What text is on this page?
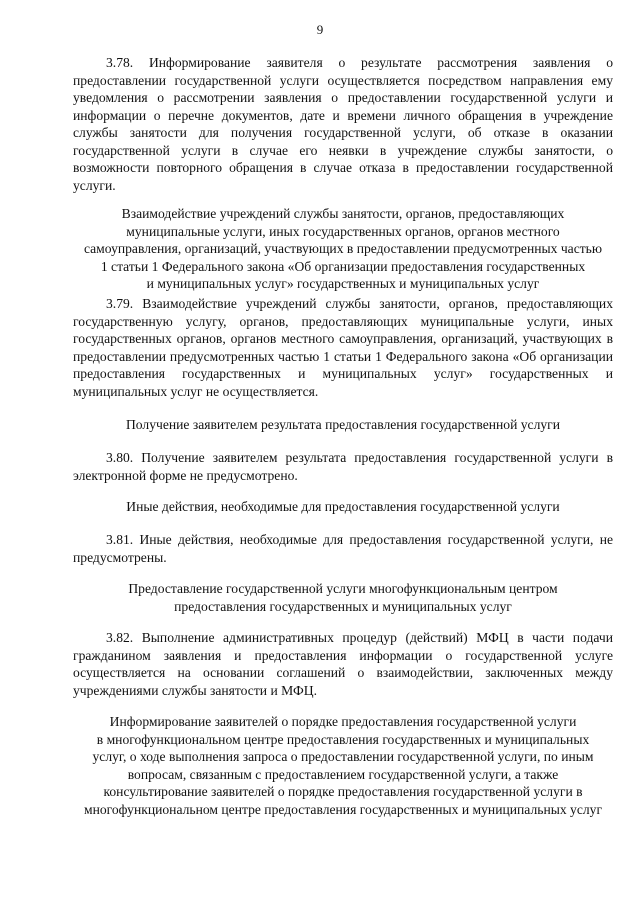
9

3.78. Информирование заявителя о результате рассмотрения заявления о предоставлении государственной услуги осуществляется посредством направления ему уведомления о рассмотрении заявления о предоставлении государственной услуги и информации о перечне документов, дате и времени личного обращения в учреждение службы занятости для получения государственной услуги, об отказе в оказании государственной услуги в случае его неявки в учреждение службы занятости, о возможности повторного обращения в случае отказа в предоставлении государственной услуги.

Взаимодействие учреждений службы занятости, органов, предоставляющих
муниципальные услуги, иных государственных органов, органов местного
самоуправления, организаций, участвующих в предоставлении предусмотренных частью
1 статьи 1 Федерального закона «Об организации предоставления государственных
и муниципальных услуг» государственных и муниципальных услуг

3.79. Взаимодействие учреждений службы занятости, органов, предоставляющих государственную услугу, органов, предоставляющих муниципальные услуги, иных государственных органов, органов местного самоуправления, организаций, участвующих в предоставлении предусмотренных частью 1 статьи 1 Федерального закона «Об организации предоставления государственных и муниципальных услуг» государственных и муниципальных услуг не осуществляется.

Получение заявителем результата предоставления государственной услуги

3.80. Получение заявителем результата предоставления государственной услуги в электронной форме не предусмотрено.

Иные действия, необходимые для предоставления государственной услуги

3.81. Иные действия, необходимые для предоставления государственной услуги, не предусмотрены.

Предоставление государственной услуги многофункциональным центром
предоставления государственных и муниципальных услуг

3.82. Выполнение административных процедур (действий) МФЦ в части подачи гражданином заявления и предоставления информации о государственной услуге осуществляется на основании соглашений о взаимодействии, заключенных между учреждениями службы занятости и МФЦ.

Информирование заявителей о порядке предоставления государственной услуги
в многофункциональном центре предоставления государственных и муниципальных
услуг, о ходе выполнения запроса о предоставлении государственной услуги, по иным
вопросам, связанным с предоставлением государственной услуги, а также
консультирование заявителей о порядке предоставления государственной услуги в
многофункциональном центре предоставления государственных и муниципальных услуг
